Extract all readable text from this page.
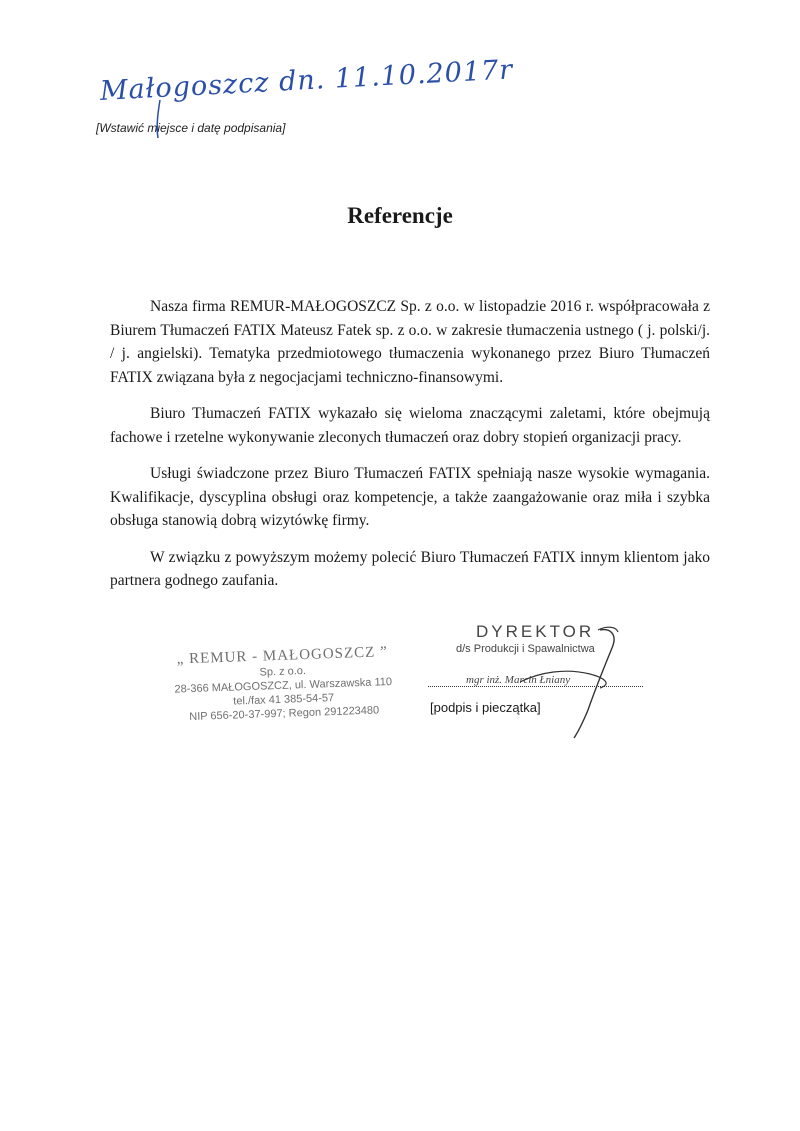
Małogoszcz dn. 11.10.2017r
[Wstawić miejsce i datę podpisania]
Referencje

Nasza firma REMUR-MAŁOGOSZCZ Sp. z o.o. w listopadzie 2016 r. współpracowała z Biurem Tłumaczeń FATIX Mateusz Fatek sp. z o.o. w zakresie tłumaczenia ustnego ( j. polski/j. / j. angielski). Tematyka przedmiotowego tłumaczenia wykonanego przez Biuro Tłumaczeń FATIX związana była z negocjacjami techniczno-finansowymi.

Biuro Tłumaczeń FATIX wykazało się wieloma znaczącymi zaletami, które obejmują fachowe i rzetelne wykonywanie zleconych tłumaczeń oraz dobry stopień organizacji pracy.

Usługi świadczone przez Biuro Tłumaczeń FATIX spełniają nasze wysokie wymagania. Kwalifikacje, dyscyplina obsługi oraz kompetencje, a także zaangażowanie oraz miła i szybka obsługa stanowią dobrą wizytówkę firmy.

W związku z powyższym możemy polecić Biuro Tłumaczeń FATIX innym klientom jako partnera godnego zaufania.

„ REMUR - MAŁOGOSZCZ ”
Sp. z o.o.
28-366 MAŁOGOSZCZ, ul. Warszawska 110
tel./fax 41 385-54-57
NIP 656-20-37-997; Regon 291223480
DYREKTOR
d/s Produkcji i Spawalnictwa
mgr inż. Marcin Łniany
[podpis i pieczątka]
